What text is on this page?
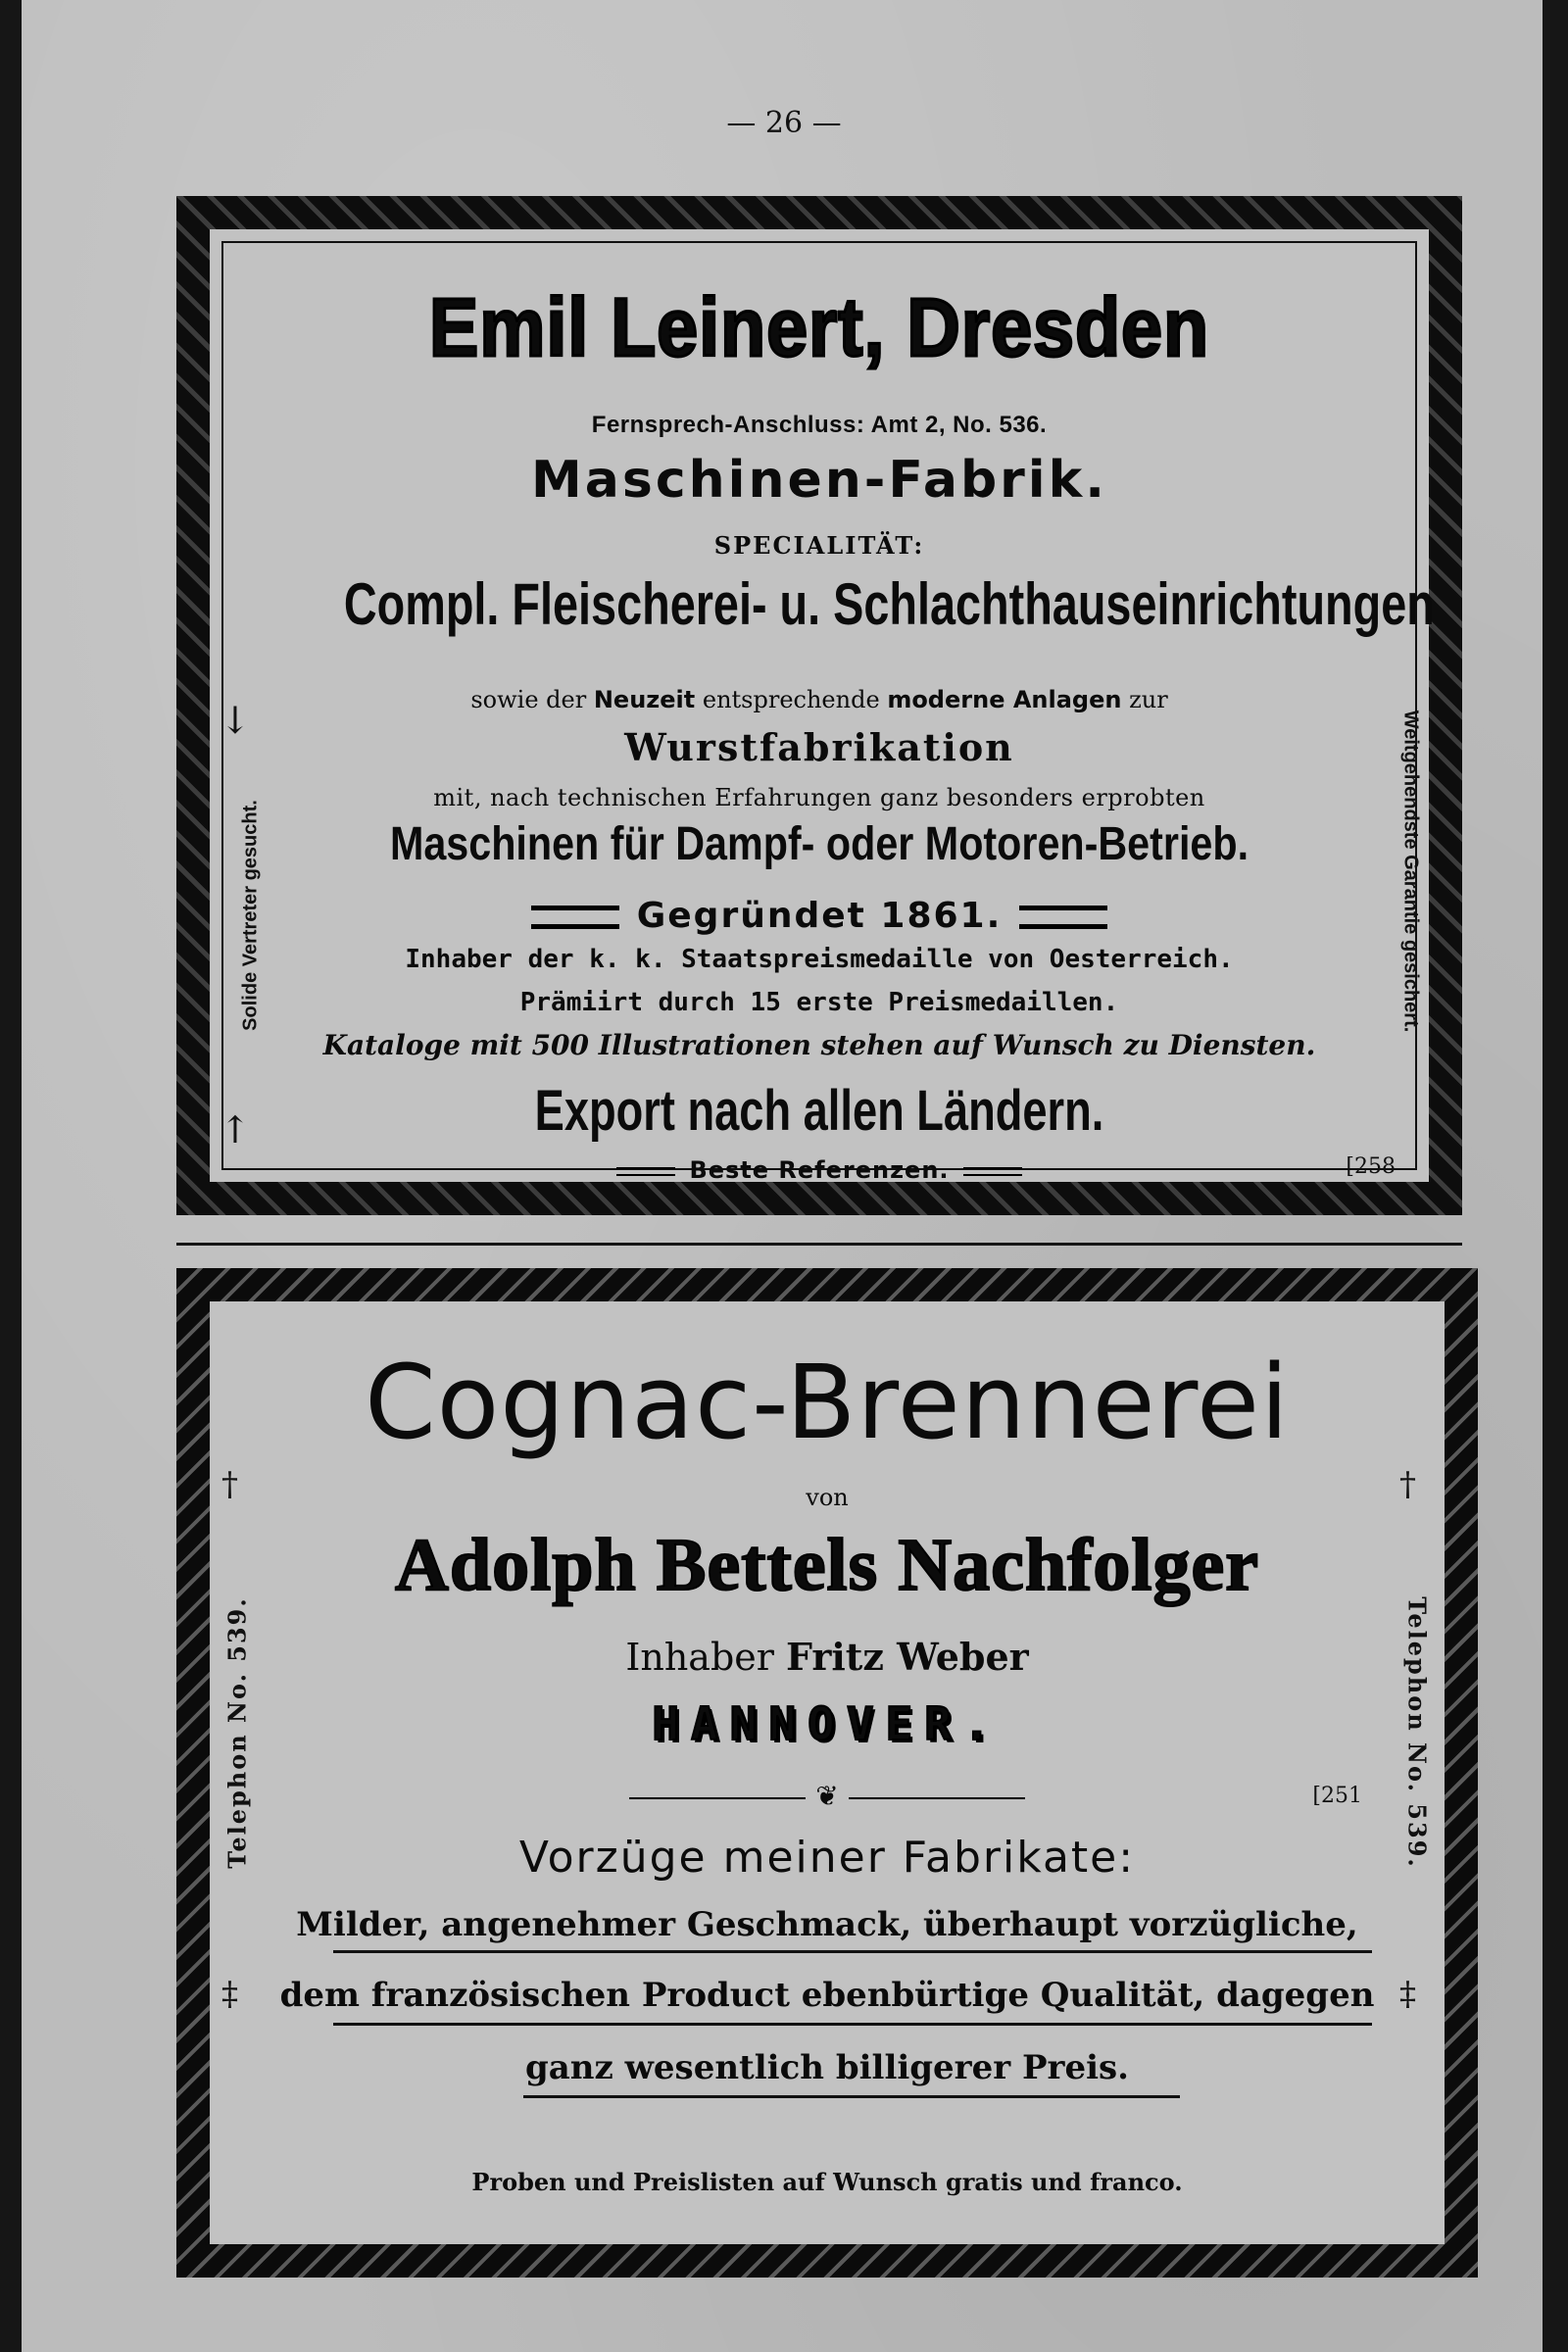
— 26 —
Emil Leinert, Dresden
Fernsprech-Anschluss: Amt 2, No. 536.
Maschinen-Fabrik.
SPECIALITÄT:
Compl. Fleischerei- u. Schlachthauseinrichtungen
sowie der Neuzeit entsprechende moderne Anlagen zur
Wurstfabrikation
mit, nach technischen Erfahrungen ganz besonders erprobten
Maschinen für Dampf- oder Motoren-Betrieb.
Gegründet 1861.
Inhaber der k. k. Staatspreismedaille von Oesterreich.
Prämiirt durch 15 erste Preismedaillen.
Kataloge mit 500 Illustrationen stehen auf Wunsch zu Diensten.
Export nach allen Ländern.
Beste Referenzen.	[258
↓
↑
Solide Vertreter gesucht.	Weitgehendste Garantie gesichert.
Cognac-Brennerei
von
Adolph Bettels Nachfolger
Inhaber Fritz Weber
HANNOVER.
❦	[251
Vorzüge meiner Fabrikate:
Milder, angenehmer Geschmack, überhaupt vorzügliche,
dem französischen Product ebenbürtige Qualität, dagegen
ganz wesentlich billigerer Preis.
Proben und Preislisten auf Wunsch gratis und franco.
†
‡
†
‡
Telephon No. 539.	Telephon No. 539.
